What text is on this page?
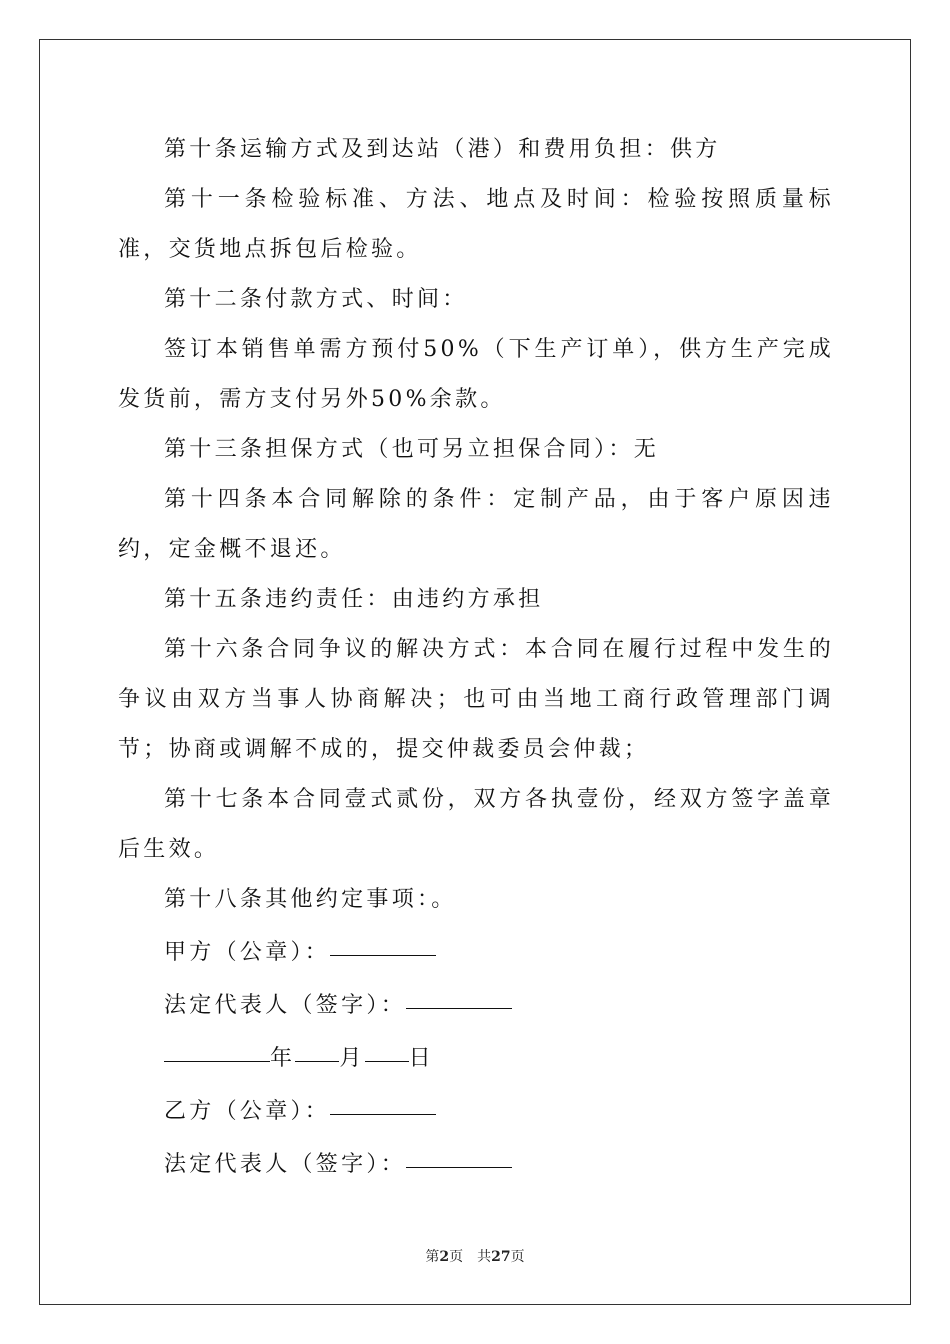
第十条运输方式及到达站（港）和费用负担：供方

第十一条检验标准、方法、地点及时间：检验按照质量标准，交货地点拆包后检验。

第十二条付款方式、时间：

签订本销售单需方预付50%（下生产订单），供方生产完成发货前，需方支付另外50%余款。

第十三条担保方式（也可另立担保合同）：无

第十四条本合同解除的条件：定制产品，由于客户原因违约，定金概不退还。

第十五条违约责任：由违约方承担

第十六条合同争议的解决方式：本合同在履行过程中发生的争议由双方当事人协商解决；也可由当地工商行政管理部门调节；协商或调解不成的，提交仲裁委员会仲裁；

第十七条本合同壹式贰份，双方各执壹份，经双方签字盖章后生效。

第十八条其他约定事项：。

甲方（公章）：

法定代表人（签字）：

年 月 日

乙方（公章）：

法定代表人（签字）：

第2页 共27页
